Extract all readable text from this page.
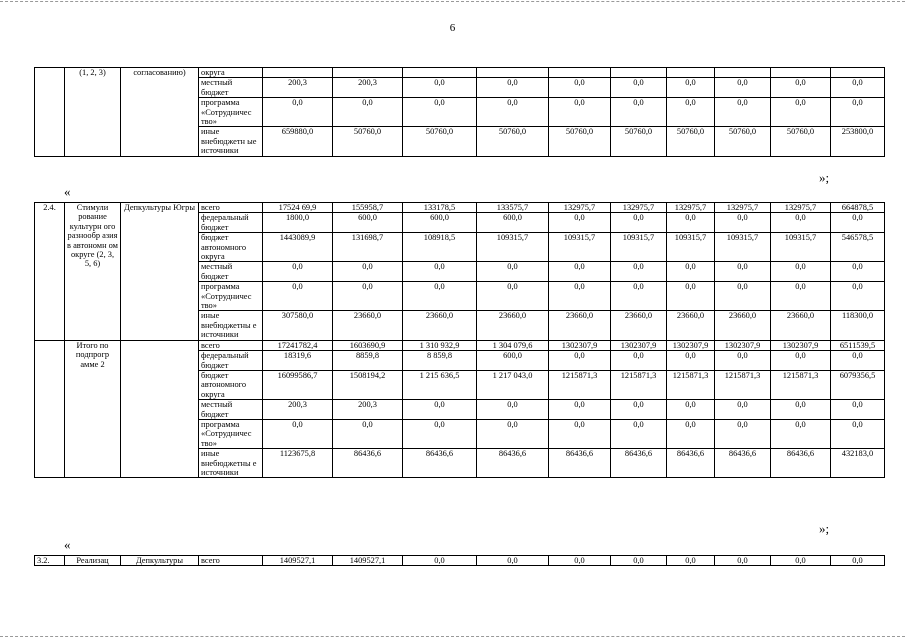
6
	(1, 2, 3)	согласованию)	округа										
			местный бюджет	200,3	200,3	0,0	0,0	0,0	0,0	0,0	0,0	0,0	0,0
			программа «Сотрудничес тво»	0,0	0,0	0,0	0,0	0,0	0,0	0,0	0,0	0,0	0,0
			иные внебюджетн ые источники	659880,0	50760,0	50760,0	50760,0	50760,0	50760,0	50760,0	50760,0	50760,0	253800,0
»;
«
2.4.	Стимули рование культурн ого разнообр азия в автономн ом округе (2, 3, 5, 6)	Депкультуры Югры	всего	17524 69,9	155958,7	133178,5	133575,7	132975,7	132975,7	132975,7	132975,7	132975,7	664878,5
			федеральный бюджет	1800,0	600,0	600,0	600,0	0,0	0,0	0,0	0,0	0,0	0,0
			бюджет автономного округа	1443089,9	131698,7	108918,5	109315,7	109315,7	109315,7	109315,7	109315,7	109315,7	546578,5
			местный бюджет	0,0	0,0	0,0	0,0	0,0	0,0	0,0	0,0	0,0	0,0
			программа «Сотрудничес тво»	0,0	0,0	0,0	0,0	0,0	0,0	0,0	0,0	0,0	0,0
			иные внебюджетны е источники	307580,0	23660,0	23660,0	23660,0	23660,0	23660,0	23660,0	23660,0	23660,0	118300,0
	Итого по подпрогр амме 2		всего	17241782,4	1603690,9	1 310 932,9	1 304 079,6	1302307,9	1302307,9	1302307,9	1302307,9	1302307,9	6511539,5
			федеральный бюджет	18319,6	8859,8	8 859,8	600,0	0,0	0,0	0,0	0,0	0,0	0,0
			бюджет автономного округа	16099586,7	1508194,2	1 215 636,5	1 217 043,0	1215871,3	1215871,3	1215871,3	1215871,3	1215871,3	6079356,5
			местный бюджет	200,3	200,3	0,0	0,0	0,0	0,0	0,0	0,0	0,0	0,0
			программа «Сотрудничес тво»	0,0	0,0	0,0	0,0	0,0	0,0	0,0	0,0	0,0	0,0
			иные внебюджетны е источники	1123675,8	86436,6	86436,6	86436,6	86436,6	86436,6	86436,6	86436,6	86436,6	432183,0
»;
«
3.2.	Реализац	Депкультуры	всего	1409527,1	1409527,1	0,0	0,0	0,0	0,0	0,0	0,0	0,0	0,0
